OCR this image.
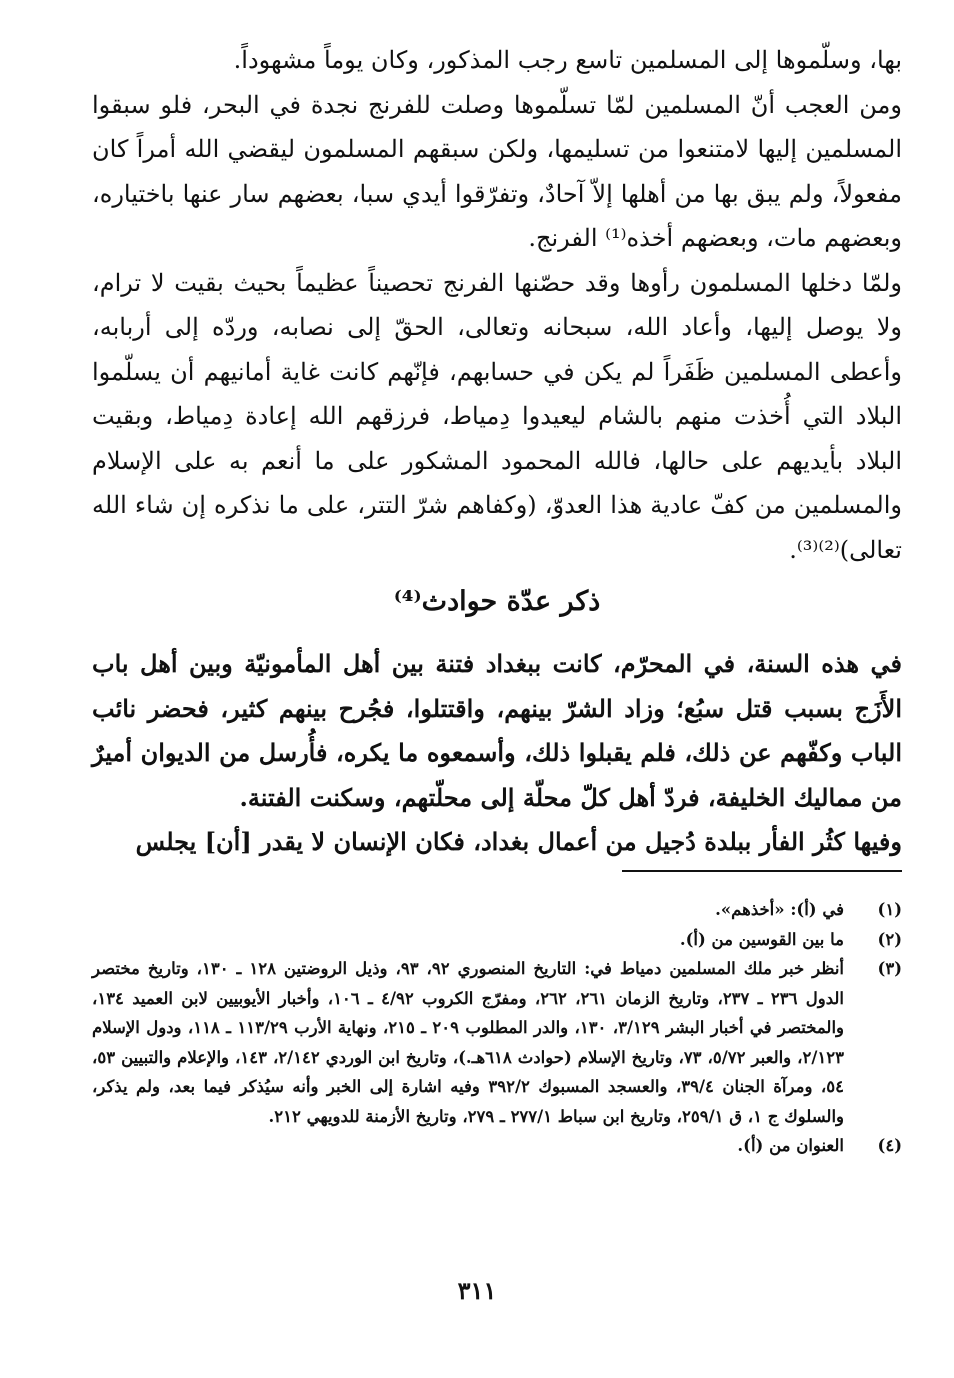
بها، وسلّموها إلى المسلمين تاسع رجب المذكور، وكان يوماً مشهوداً.

ومن العجب أنّ المسلمين لمّا تسلّموها وصلت للفرنج نجدة في البحر، فلو سبقوا المسلمين إليها لامتنعوا من تسليمها، ولكن سبقهم المسلمون ليقضي الله أمراً كان مفعولاً، ولم يبق بها من أهلها إلاّ آحادٌ، وتفرّقوا أيدي سبا، بعضهم سار عنها باختياره، وبعضهم مات، وبعضهم أخذه⁽¹⁾ الفرنج.

ولمّا دخلها المسلمون رأوها وقد حصّنها الفرنج تحصيناً عظيماً بحيث بقيت لا ترام، ولا يوصل إليها، وأعاد الله، سبحانه وتعالى، الحقّ إلى نصابه، وردّه إلى أربابه، وأعطى المسلمين ظَفَراً لم يكن في حسابهم، فإنّهم كانت غاية أمانيهم أن يسلّموا البلاد التي أُخذت منهم بالشام ليعيدوا دِمياط، فرزقهم الله إعادة دِمياط، وبقيت البلاد بأيديهم على حالها، فالله المحمود المشكور على ما أنعم به على الإسلام والمسلمين من كفّ عادية هذا العدوّ، (وكفاهم شرّ التتر، على ما نذكره إن شاء الله تعالى)⁽²⁾⁽³⁾.

ذكر عدّة حوادث⁽⁴⁾

في هذه السنة، في المحرّم، كانت ببغداد فتنة بين أهل المأمونيّة وبين أهل باب الأَزَج بسبب قتل سبُع؛ وزاد الشرّ بينهم، واقتتلوا، فجُرح بينهم كثير، فحضر نائب الباب وكفّهم عن ذلك، فلم يقبلوا ذلك، وأسمعوه ما يكره، فأُرسل من الديوان أميرٌ من مماليك الخليفة، فردّ أهل كلّ محلّة إلى محلّتهم، وسكنت الفتنة.

وفيها كثُر الفأر ببلدة دُجيل من أعمال بغداد، فكان الإنسان لا يقدر [أن] يجلس

(١)
في (أ): «أخذهم».
(٢)
ما بين القوسين من (أ).
(٣)
أنظر خبر ملك المسلمين دمياط في: التاريخ المنصوري ٩٢، ٩٣، وذيل الروضتين ١٢٨ ـ ١٣٠، وتاريخ مختصر الدول ٢٣٦ ـ ٢٣٧، وتاريخ الزمان ٢٦١، ٢٦٢، ومفرّج الكروب ٤/٩٢ ـ ١٠٦، وأخبار الأيوبيين لابن العميد ١٣٤، والمختصر في أخبار البشر ٣/١٢٩، ١٣٠، والدر المطلوب ٢٠٩ ـ ٢١٥، ونهاية الأرب ١١٣/٢٩ ـ ١١٨، ودول الإسلام ٢/١٢٣، والعبر ٥/٧٢، ٧٣، وتاريخ الإسلام (حوادث ٦١٨هـ.)، وتاريخ ابن الوردي ٢/١٤٢، ١٤٣، والإعلام والتبيين ٥٣، ٥٤، ومرآة الجنان ٣٩/٤، والعسجد المسبوك ٣٩٢/٢ وفيه اشارة إلى الخبر وأنه سيُذكر فيما بعد، ولم يذكر، والسلوك ج ١، ق ٢٥٩/١، وتاريخ ابن سباط ٢٧٧/١ ـ ٢٧٩، وتاريخ الأزمنة للدويهي ٢١٢.
(٤)
العنوان من (أ).
٣١١
